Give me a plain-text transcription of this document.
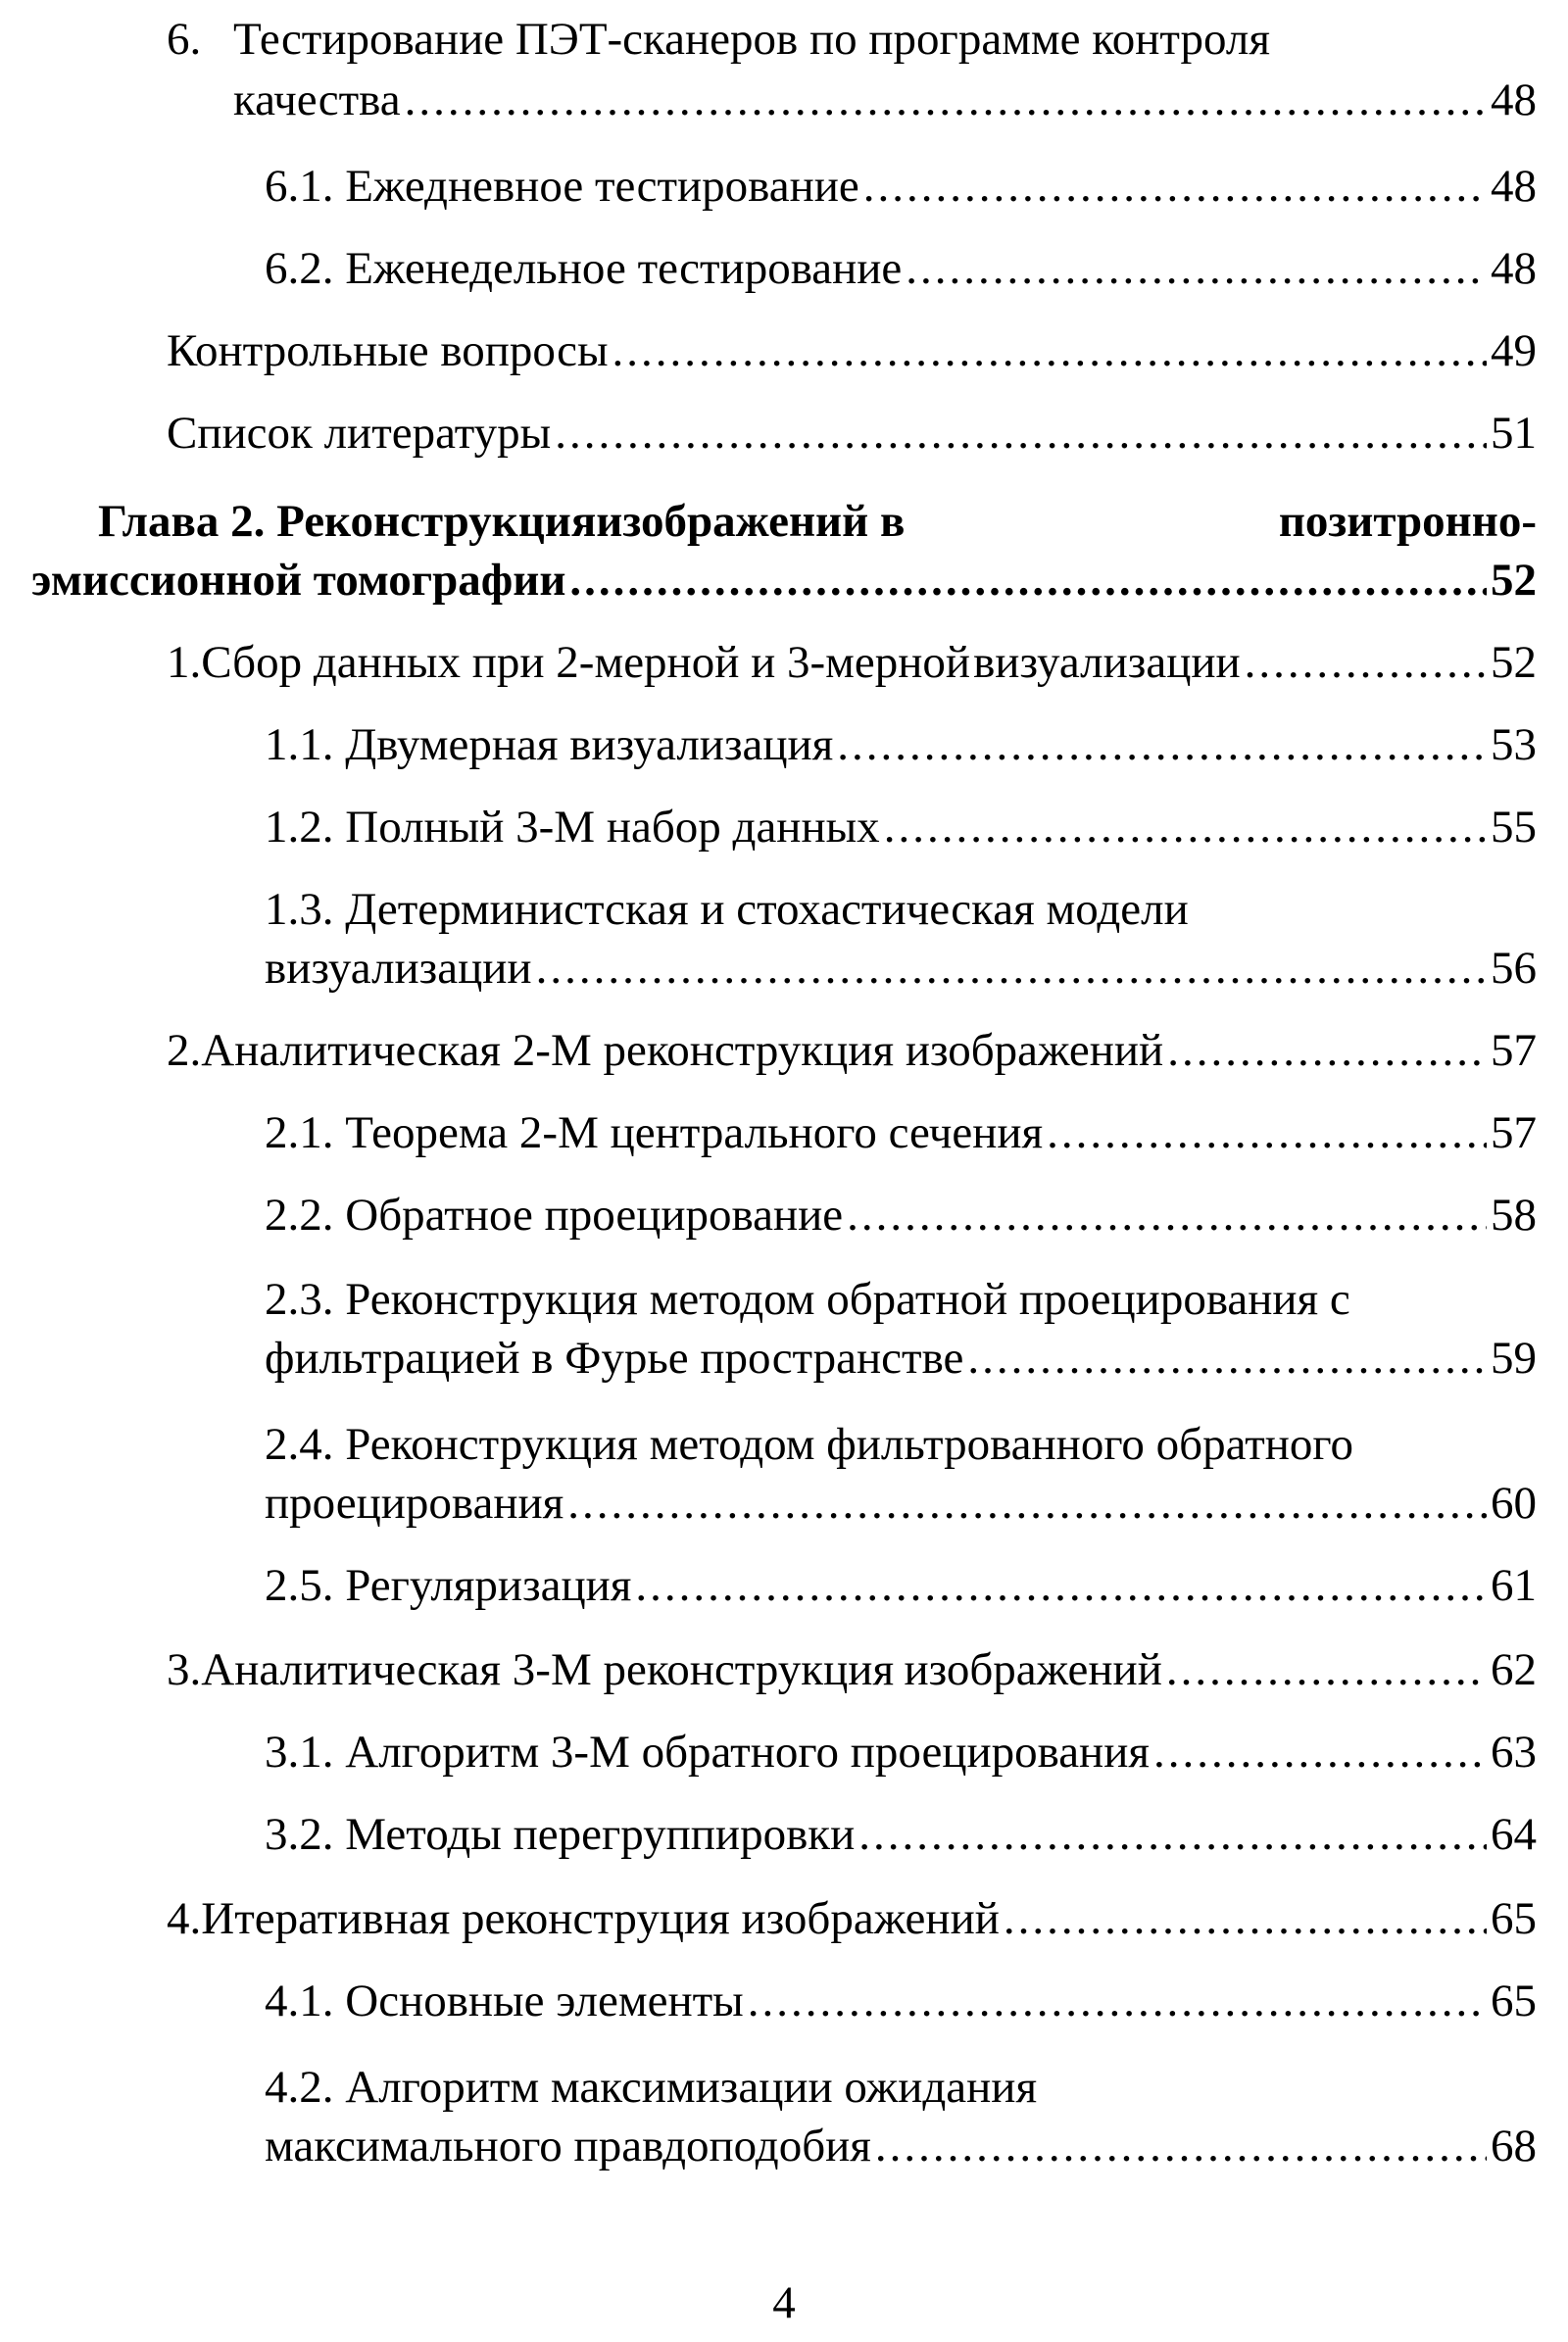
6. Тестирование ПЭТ-сканеров по программе контроля
качества .....	48
6.1. Ежедневное тестирование .....	48
6.2. Еженедельное тестирование .....	48
Контрольные вопросы .....	49
Список литературы .....	51
Глава 2. Реконструкцияизображений в	позитронно-
эмиссионной томографии .....	52
1. Сбор данных при 2-мерной и 3-мерной визуализации .....	52
1.1. Двумерная визуализация .....	53
1.2. Полный 3-М набор данных .....	55
1.3. Детерминистская и стохастическая модели
визуализации .....	56
2. Аналитическая 2-М реконструкция изображений .....	57
2.1. Теорема 2-М центрального сечения .....	57
2.2. Обратное проецирование .....	58
2.3. Реконструкция методом обратной проецирования с
фильтрацией в Фурье пространстве .....	59
2.4. Реконструкция методом фильтрованного обратного
проецирования .....	60
2.5. Регуляризация .....	61
3. Аналитическая 3-М реконструкция изображений .....	62
3.1. Алгоритм 3-М обратного проецирования .....	63
3.2. Методы перегруппировки .....	64
4. Итеративная реконструция изображений .....	65
4.1. Основные элементы .....	65
4.2. Алгоритм максимизации ожидания
максимального правдоподобия .....	68
4
